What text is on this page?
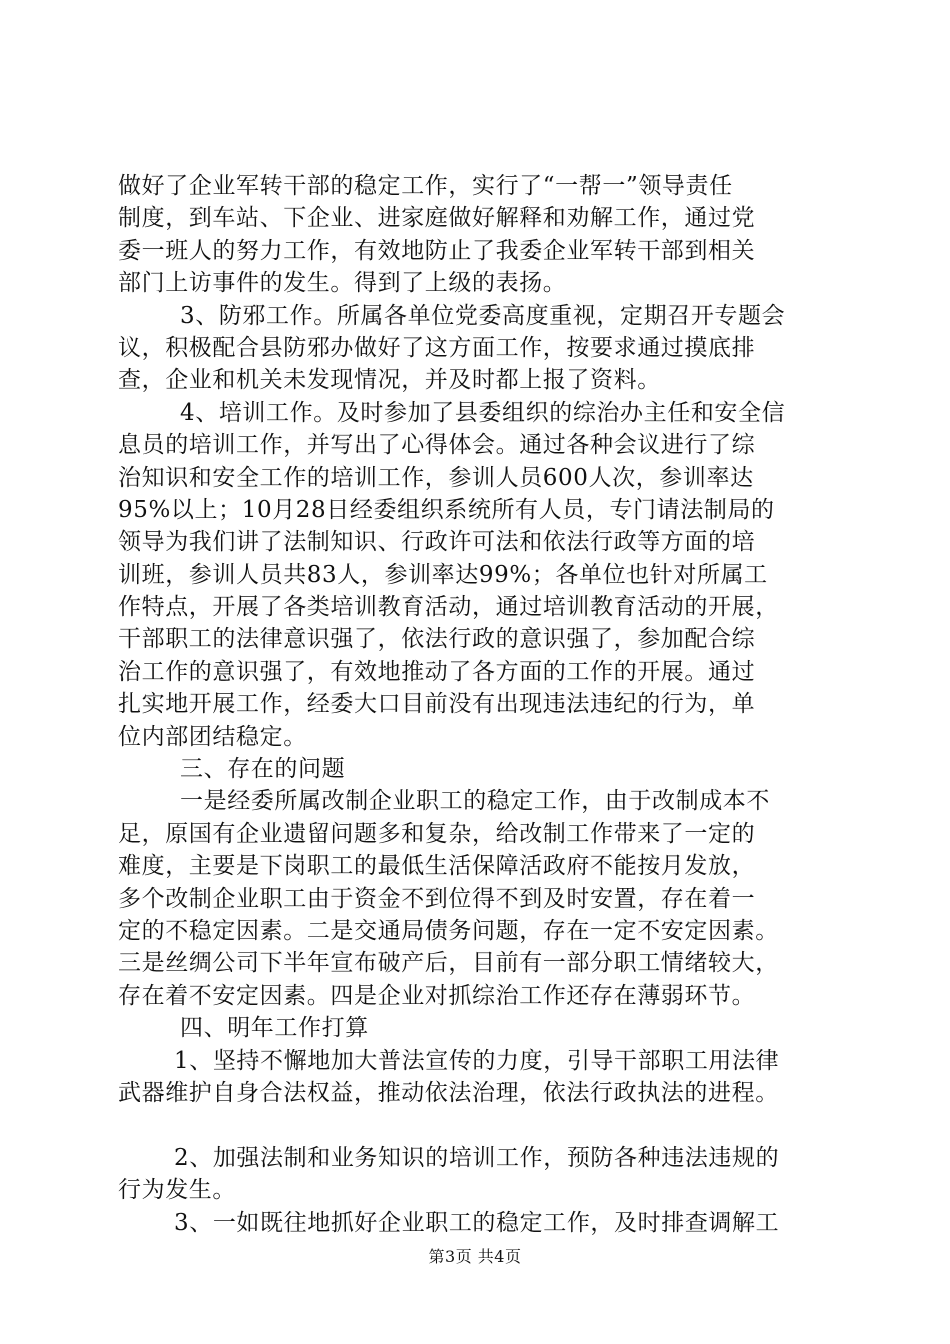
做好了企业军转干部的稳定工作，实行了“一帮一”领导责任
制度，到车站、下企业、进家庭做好解释和劝解工作，通过党
委一班人的努力工作，有效地防止了我委企业军转干部到相关
部门上访事件的发生。得到了上级的表扬。
3、防邪工作。所属各单位党委高度重视，定期召开专题会
议，积极配合县防邪办做好了这方面工作，按要求通过摸底排
查，企业和机关未发现情况，并及时都上报了资料。
4、培训工作。及时参加了县委组织的综治办主任和安全信
息员的培训工作，并写出了心得体会。通过各种会议进行了综
治知识和安全工作的培训工作，参训人员600人次，参训率达
95%以上；10月28日经委组织系统所有人员，专门请法制局的
领导为我们讲了法制知识、行政许可法和依法行政等方面的培
训班，参训人员共83人，参训率达99%；各单位也针对所属工
作特点，开展了各类培训教育活动，通过培训教育活动的开展，
干部职工的法律意识强了，依法行政的意识强了，参加配合综
治工作的意识强了，有效地推动了各方面的工作的开展。通过
扎实地开展工作，经委大口目前没有出现违法违纪的行为，单
位内部团结稳定。
三、存在的问题
一是经委所属改制企业职工的稳定工作，由于改制成本不
足，原国有企业遗留问题多和复杂，给改制工作带来了一定的
难度，主要是下岗职工的最低生活保障活政府不能按月发放，
多个改制企业职工由于资金不到位得不到及时安置，存在着一
定的不稳定因素。二是交通局债务问题，存在一定不安定因素。
三是丝绸公司下半年宣布破产后，目前有一部分职工情绪较大，
存在着不安定因素。四是企业对抓综治工作还存在薄弱环节。
四、明年工作打算
1、坚持不懈地加大普法宣传的力度，引导干部职工用法律
武器维护自身合法权益，推动依法治理，依法行政执法的进程。
2、加强法制和业务知识的培训工作，预防各种违法违规的
行为发生。
3、一如既往地抓好企业职工的稳定工作，及时排查调解工
第3页 共4页
